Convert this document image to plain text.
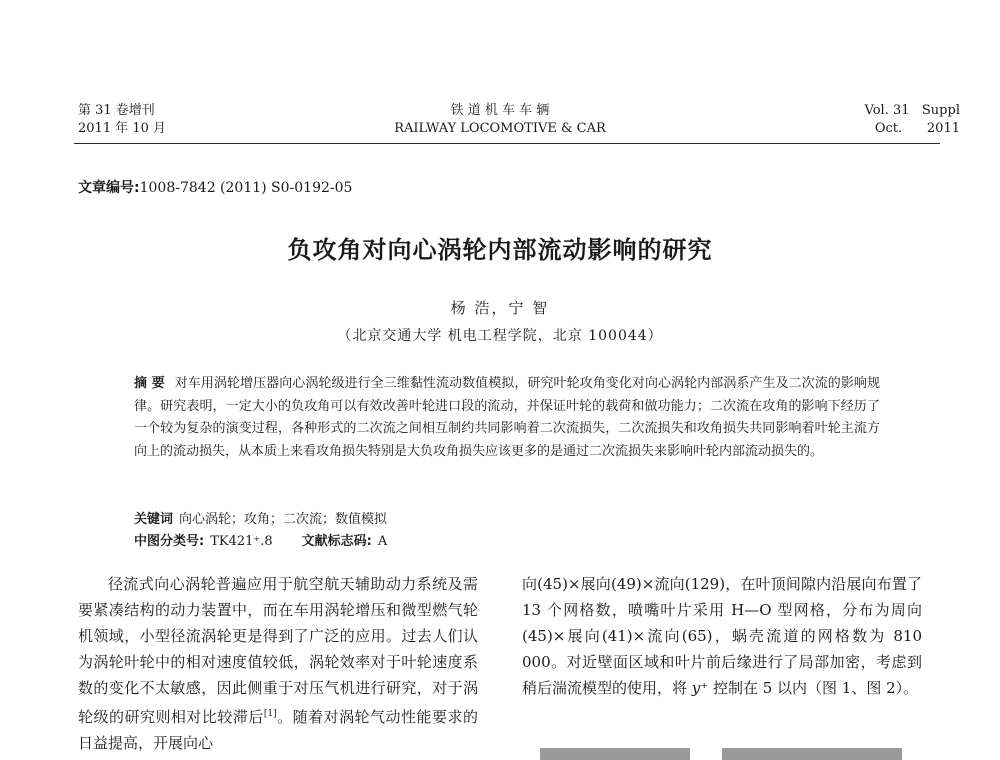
第 31 卷增刊
2011 年 10 月
铁 道 机 车 车 辆
RAILWAY LOCOMOTIVE & CAR
Vol. 31 Suppl
Oct. 2011
文章编号:1008-7842 (2011) S0-0192-05
负攻角对向心涡轮内部流动影响的研究
杨 浩，宁 智
（北京交通大学 机电工程学院，北京 100044）
摘 要 对车用涡轮增压器向心涡轮级进行全三维黏性流动数值模拟，研究叶轮攻角变化对向心涡轮内部涡系产生及二次流的影响规律。研究表明，一定大小的负攻角可以有效改善叶轮进口段的流动，并保证叶轮的载荷和做功能力；二次流在攻角的影响下经历了一个较为复杂的演变过程，各种形式的二次流之间相互制约共同影响着二次流损失，二次流损失和攻角损失共同影响着叶轮主流方向上的流动损失，从本质上来看攻角损失特别是大负攻角损失应该更多的是通过二次流损失来影响叶轮内部流动损失的。
关键词 向心涡轮；攻角；二次流；数值模拟
中图分类号: TK421⁺.8 文献标志码: A
径流式向心涡轮普遍应用于航空航天辅助动力系统及需要紧凑结构的动力装置中，而在车用涡轮增压和微型燃气轮机领域，小型径流涡轮更是得到了广泛的应用。过去人们认为涡轮叶轮中的相对速度值较低，涡轮效率对于叶轮速度系数的变化不太敏感，因此侧重于对压气机进行研究，对于涡轮级的研究则相对比较滞后[1]。随着对涡轮气动性能要求的日益提高，开展向心
向(45)×展向(49)×流向(129)，在叶顶间隙内沿展向布置了 13 个网格数，喷嘴叶片采用 H—O 型网格，分布为周向(45)×展向(41)×流向(65)，蜗壳流道的网格数为 810 000。对近壁面区域和叶片前后缘进行了局部加密，考虑到稍后湍流模型的使用，将 y⁺ 控制在 5 以内（图 1、图 2）。
